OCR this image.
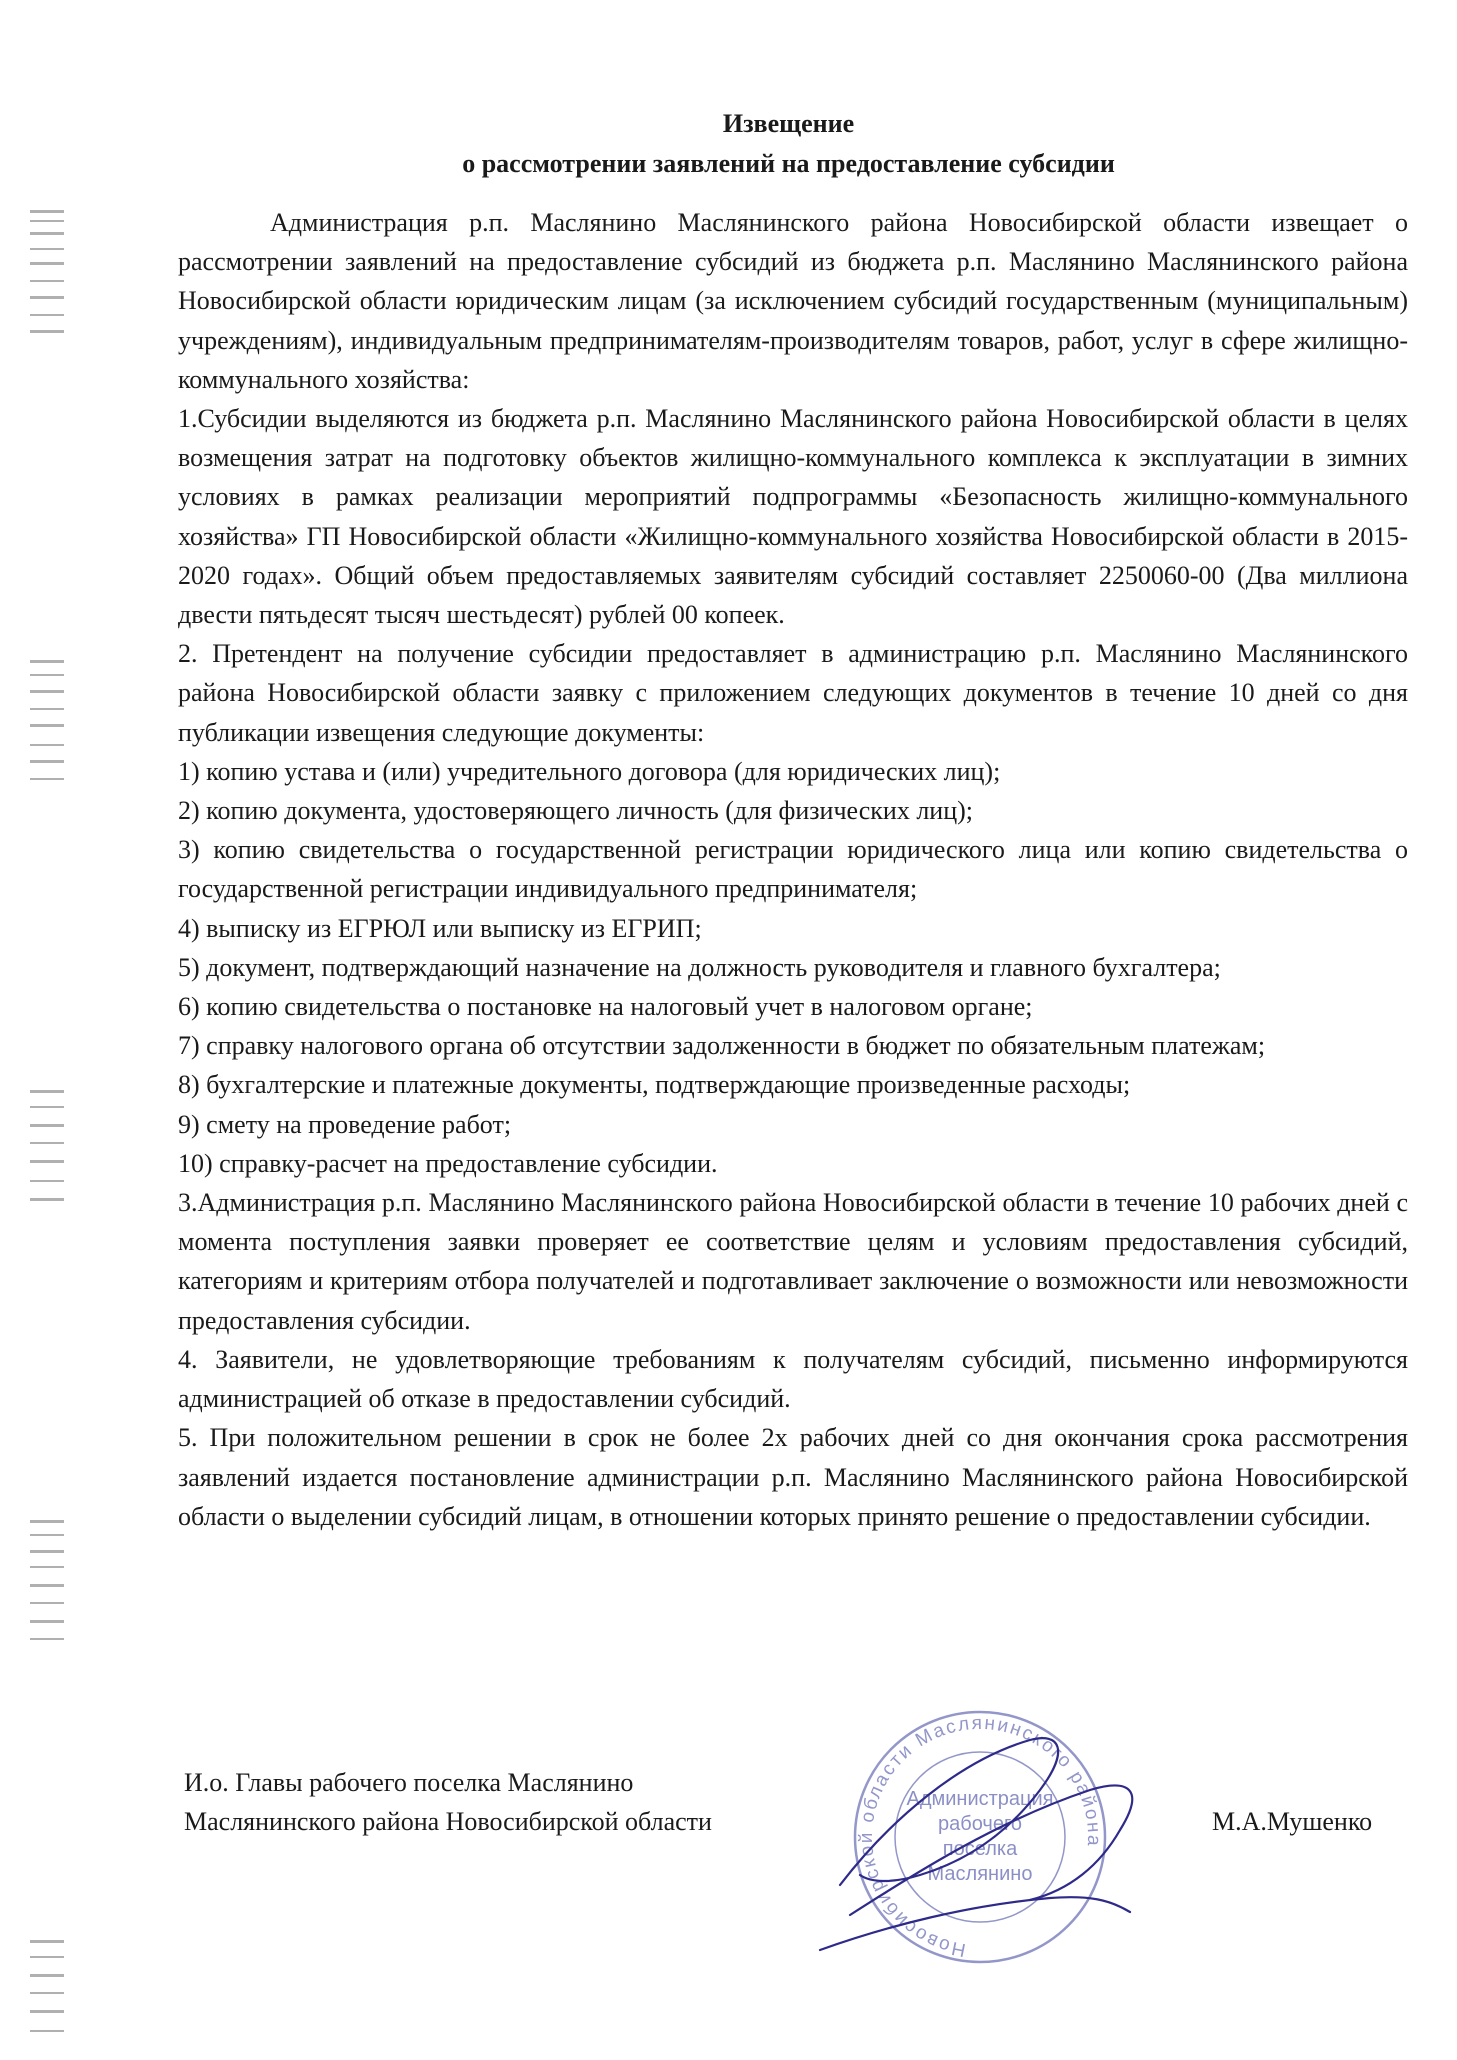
Извещение
о рассмотрении заявлений на предоставление субсидии

Администрация р.п. Маслянино Маслянинского района Новосибирской области извещает о рассмотрении заявлений на предоставление субсидий из бюджета р.п. Маслянино Маслянинского района Новосибирской области юридическим лицам (за исключением субсидий государственным (муниципальным) учреждениям), индивидуальным предпринимателям-производителям товаров, работ, услуг в сфере жилищно-коммунального хозяйства:

1.Субсидии выделяются из бюджета р.п. Маслянино Маслянинского района Новосибирской области в целях возмещения затрат на подготовку объектов жилищно-коммунального комплекса к эксплуатации в зимних условиях в рамках реализации мероприятий подпрограммы «Безопасность жилищно-коммунального хозяйства» ГП Новосибирской области «Жилищно-коммунального хозяйства Новосибирской области в 2015-2020 годах». Общий объем предоставляемых заявителям субсидий составляет 2250060-00 (Два миллиона двести пятьдесят тысяч шестьдесят) рублей 00 копеек.

2. Претендент на получение субсидии предоставляет в администрацию р.п. Маслянино Маслянинского района Новосибирской области заявку с приложением следующих документов в течение 10 дней со дня публикации извещения следующие документы:

1) копию устава и (или) учредительного договора (для юридических лиц);

2) копию документа, удостоверяющего личность (для физических лиц);

3) копию свидетельства о государственной регистрации юридического лица или копию свидетельства о государственной регистрации индивидуального предпринимателя;

4) выписку из ЕГРЮЛ или выписку из ЕГРИП;

5) документ, подтверждающий назначение на должность руководителя и главного бухгалтера;

6) копию свидетельства о постановке на налоговый учет в налоговом органе;

7) справку налогового органа об отсутствии задолженности в бюджет по обязательным платежам;

8) бухгалтерские и платежные документы, подтверждающие произведенные расходы;

9) смету на проведение работ;

10) справку-расчет на предоставление субсидии.

3.Администрация р.п. Маслянино Маслянинского района Новосибирской области в течение 10 рабочих дней с момента поступления заявки проверяет ее соответствие целям и условиям предоставления субсидий, категориям и критериям отбора получателей и подготавливает заключение о возможности или невозможности предоставления субсидии.

4. Заявители, не удовлетворяющие требованиям к получателям субсидий, письменно информируются администрацией об отказе в предоставлении субсидий.

5. При положительном решении в срок не более 2х рабочих дней со дня окончания срока рассмотрения заявлений издается постановление администрации р.п. Маслянино Маслянинского района Новосибирской области о выделении субсидий лицам, в отношении которых принято решение о предоставлении субсидии.

И.о. Главы рабочего поселка Маслянино
Маслянинского района Новосибирской области	М.А.Мушенко
Новосибирской области Маслянинского района
Администрация
рабочего
поселка
Маслянино
